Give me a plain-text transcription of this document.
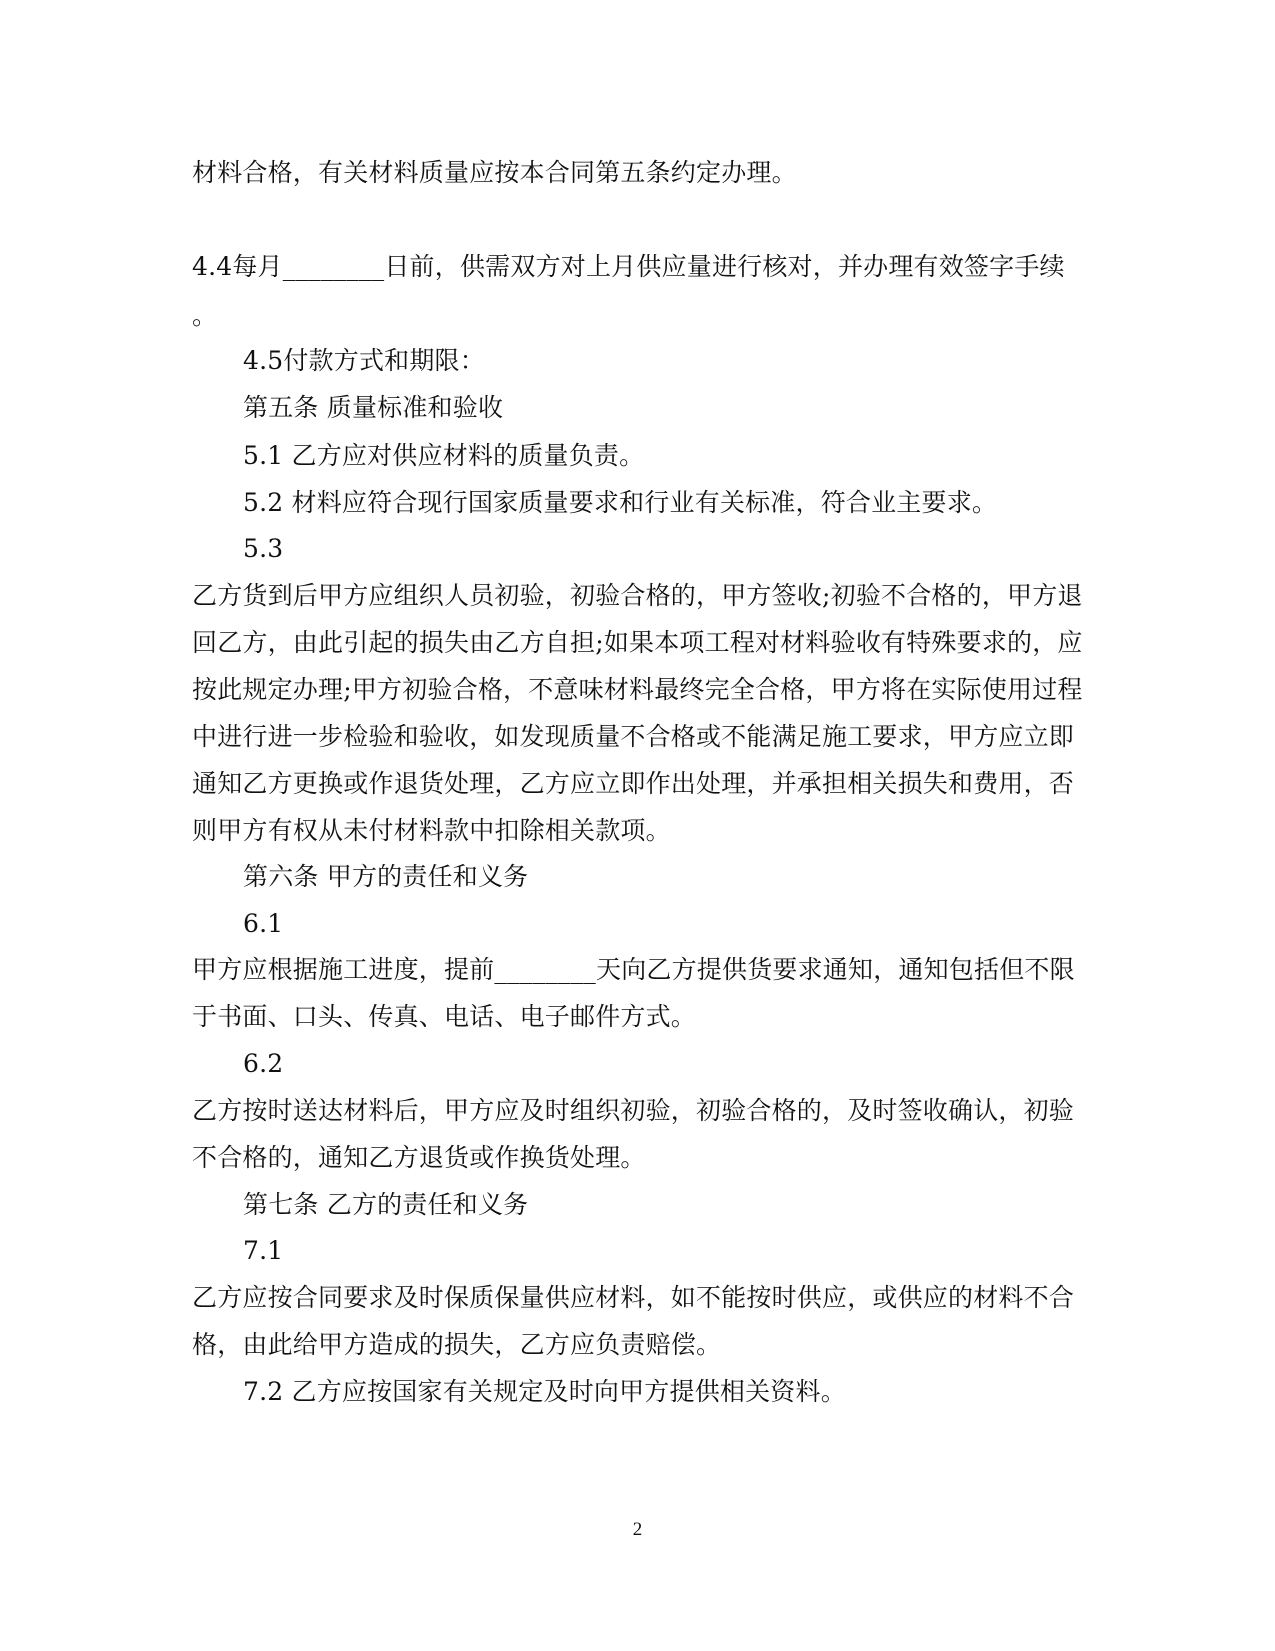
材料合格，有关材料质量应按本合同第五条约定办理。
4.4每月________日前，供需双方对上月供应量进行核对，并办理有效签字手续
。
4.5付款方式和期限：
第五条 质量标准和验收
5.1 乙方应对供应材料的质量负责。
5.2 材料应符合现行国家质量要求和行业有关标准，符合业主要求。
5.3
乙方货到后甲方应组织人员初验，初验合格的，甲方签收;初验不合格的，甲方退
回乙方，由此引起的损失由乙方自担;如果本项工程对材料验收有特殊要求的，应
按此规定办理;甲方初验合格，不意味材料最终完全合格，甲方将在实际使用过程
中进行进一步检验和验收，如发现质量不合格或不能满足施工要求，甲方应立即
通知乙方更换或作退货处理，乙方应立即作出处理，并承担相关损失和费用，否
则甲方有权从未付材料款中扣除相关款项。
第六条 甲方的责任和义务
6.1
甲方应根据施工进度，提前________天向乙方提供货要求通知，通知包括但不限
于书面、口头、传真、电话、电子邮件方式。
6.2
乙方按时送达材料后，甲方应及时组织初验，初验合格的，及时签收确认，初验
不合格的，通知乙方退货或作换货处理。
第七条 乙方的责任和义务
7.1
乙方应按合同要求及时保质保量供应材料，如不能按时供应，或供应的材料不合
格，由此给甲方造成的损失，乙方应负责赔偿。
7.2 乙方应按国家有关规定及时向甲方提供相关资料。
2
